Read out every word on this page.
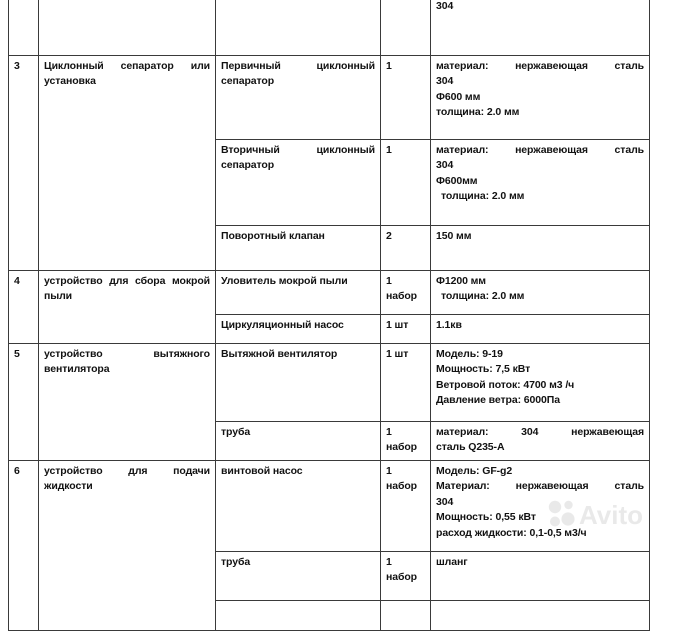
304

3	Циклонный сепаратор или установка	Первичный циклонный сепаратор	1	материал: нержавеющая сталь
304
Ф600 мм
толщина: 2.0 мм

		Вторичный циклонный сепаратор	1	материал: нержавеющая сталь
304
Ф600мм
толщина: 2.0 мм

		Поворотный клапан	2	150 мм

4	устройство для сбора мокрой пыли	Уловитель мокрой пыли	1
набор	Ф1200 мм
толщина: 2.0 мм

		Циркуляционный насос	1 шт	1.1кв

5	устройство вытяжного вентилятора	Вытяжной вентилятор	1 шт	Модель: 9-19
Мощность: 7,5 кВт
Ветровой поток: 4700 м3 /ч
Давление ветра: 6000Па

		труба	1
набор	материал: 304 нержавеющая
сталь Q235-A

6	устройство для подачи жидкости	винтовой насос	1
набор	Модель: GF-g2
Материал: нержавеющая сталь
304
Мощность: 0,55 кВт
расход жидкости: 0,1-0,5 м3/ч

		труба	1
набор	шланг

Avito
